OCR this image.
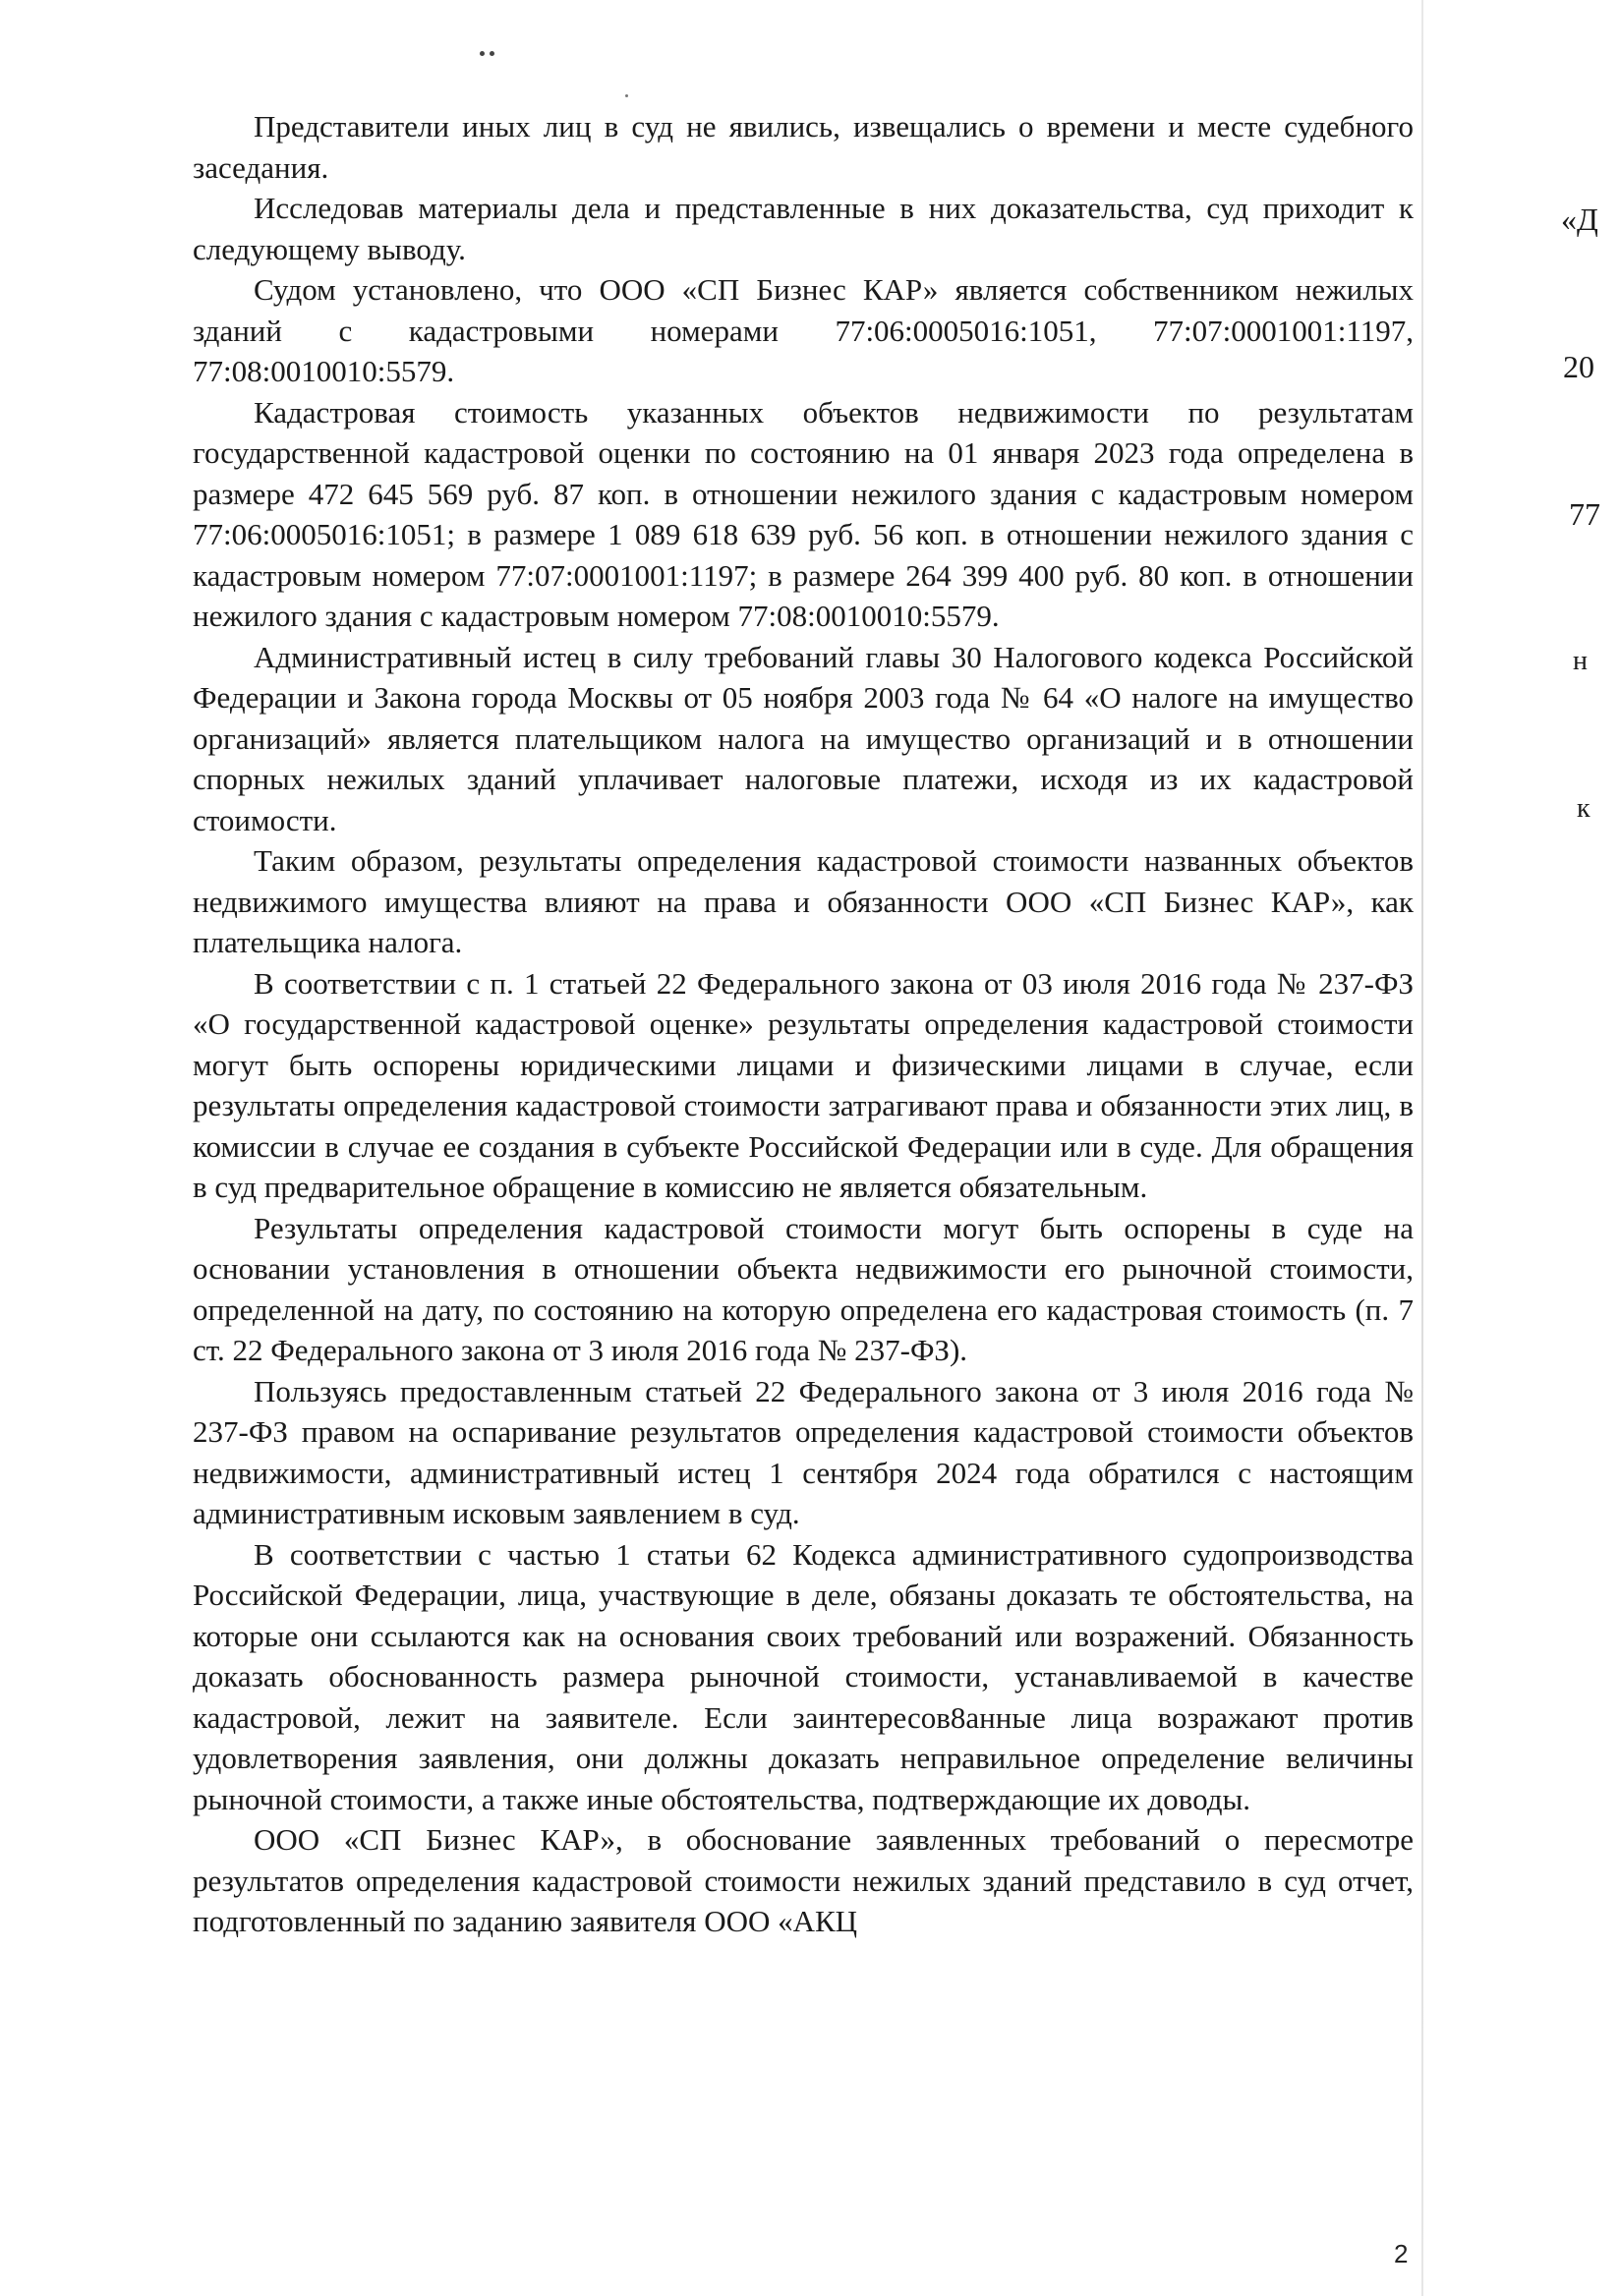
Представители иных лиц в суд не явились, извещались о времени и месте судебного заседания.

Исследовав материалы дела и представленные в них доказательства, суд приходит к следующему выводу.

Судом установлено, что ООО «СП Бизнес КАР» является собственником нежилых зданий с кадастровыми номерами 77:06:0005016:1051, 77:07:0001001:1197, 77:08:0010010:5579.

Кадастровая стоимость указанных объектов недвижимости по результатам государственной кадастровой оценки по состоянию на 01 января 2023 года определена в размере 472 645 569 руб. 87 коп. в отношении нежилого здания с кадастровым номером 77:06:0005016:1051; в размере 1 089 618 639 руб. 56 коп. в отношении нежилого здания с кадастровым номером 77:07:0001001:1197; в размере 264 399 400 руб. 80 коп. в отношении нежилого здания с кадастровым номером 77:08:0010010:5579.

Административный истец в силу требований главы 30 Налогового кодекса Российской Федерации и Закона города Москвы от 05 ноября 2003 года № 64 «О налоге на имущество организаций» является плательщиком налога на имущество организаций и в отношении спорных нежилых зданий уплачивает налоговые платежи, исходя из их кадастровой стоимости.

Таким образом, результаты определения кадастровой стоимости названных объектов недвижимого имущества влияют на права и обязанности ООО «СП Бизнес КАР», как плательщика налога.

В соответствии с п. 1 статьей 22 Федерального закона от 03 июля 2016 года № 237-ФЗ «О государственной кадастровой оценке» результаты определения кадастровой стоимости могут быть оспорены юридическими лицами и физическими лицами в случае, если результаты определения кадастровой стоимости затрагивают права и обязанности этих лиц, в комиссии в случае ее создания в субъекте Российской Федерации или в суде. Для обращения в суд предварительное обращение в комиссию не является обязательным.

Результаты определения кадастровой стоимости могут быть оспорены в суде на основании установления в отношении объекта недвижимости его рыночной стоимости, определенной на дату, по состоянию на которую определена его кадастровая стоимость (п. 7 ст. 22 Федерального закона от 3 июля 2016 года № 237-ФЗ).

Пользуясь предоставленным статьей 22 Федерального закона от 3 июля 2016 года № 237-ФЗ правом на оспаривание результатов определения кадастровой стоимости объектов недвижимости, административный истец 1 сентября 2024 года обратился с настоящим административным исковым заявлением в суд.

В соответствии с частью 1 статьи 62 Кодекса административного судопроизводства Российской Федерации, лица, участвующие в деле, обязаны доказать те обстоятельства, на которые они ссылаются как на основания своих требований или возражений. Обязанность доказать обоснованность размера рыночной стоимости, устанавливаемой в качестве кадастровой, лежит на заявителе. Если заинтересов8анные лица возражают против удовлетворения заявления, они должны доказать неправильное определение величины рыночной стоимости, а также иные обстоятельства, подтверждающие их доводы.

ООО «СП Бизнес КАР», в обоснование заявленных требований о пересмотре результатов определения кадастровой стоимости нежилых зданий представило в суд отчет, подготовленный по заданию заявителя ООО «АКЦ

«Д

20

77

н

к

2
